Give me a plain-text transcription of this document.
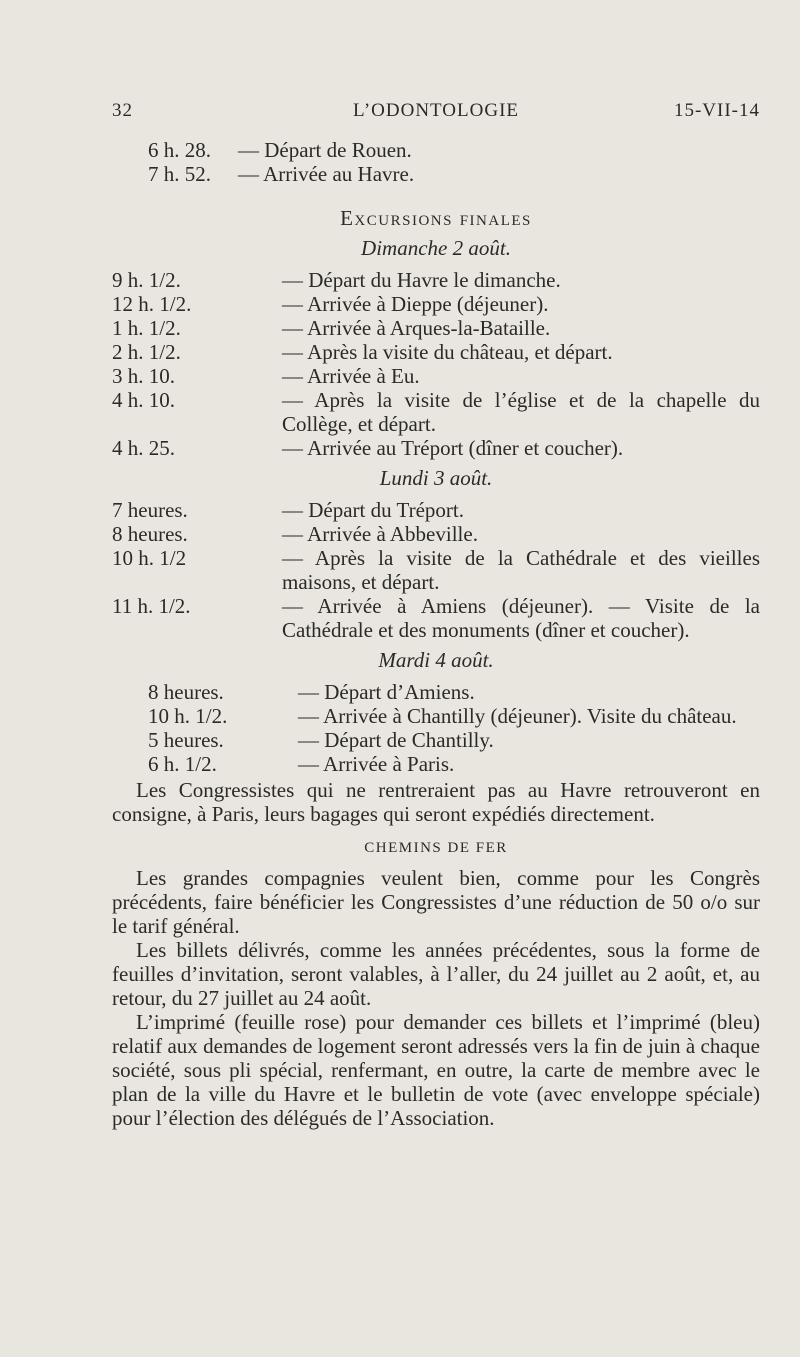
32	L’ODONTOLOGIE	15-VII-14
6 h. 28.	— Départ de Rouen.
7 h. 52.	— Arrivée au Havre.
Excursions finales
Dimanche 2 août.
9 h. 1/2.	— Départ du Havre le dimanche.
12 h. 1/2.	— Arrivée à Dieppe (déjeuner).
1 h. 1/2.	— Arrivée à Arques-la-Bataille.
2 h. 1/2.	— Après la visite du château, et départ.
3 h. 10.	— Arrivée à Eu.
4 h. 10.	— Après la visite de l’église et de la chapelle du Collège, et départ.
4 h. 25.	— Arrivée au Tréport (dîner et coucher).
Lundi 3 août.
7 heures.	— Départ du Tréport.
8 heures.	— Arrivée à Abbeville.
10 h. 1/2	— Après la visite de la Cathédrale et des vieilles maisons, et départ.
11 h. 1/2.	— Arrivée à Amiens (déjeuner). — Visite de la Cathédrale et des monuments (dîner et coucher).
Mardi 4 août.
8 heures.	— Départ d’Amiens.
10 h. 1/2.	— Arrivée à Chantilly (déjeuner). Visite du château.
5 heures.	— Départ de Chantilly.
6 h. 1/2.	— Arrivée à Paris.

Les Congressistes qui ne rentreraient pas au Havre retrouveront en consigne, à Paris, leurs bagages qui seront expédiés directement.

CHEMINS DE FER

Les grandes compagnies veulent bien, comme pour les Congrès précédents, faire bénéficier les Congressistes d’une réduction de 50 o/o sur le tarif général.

Les billets délivrés, comme les années précédentes, sous la forme de feuilles d’invitation, seront valables, à l’aller, du 24 juillet au 2 août, et, au retour, du 27 juillet au 24 août.

L’imprimé (feuille rose) pour demander ces billets et l’imprimé (bleu) relatif aux demandes de logement seront adressés vers la fin de juin à chaque société, sous pli spécial, renfermant, en outre, la carte de membre avec le plan de la ville du Havre et le bulletin de vote (avec enveloppe spéciale) pour l’élection des délégués de l’Association.
